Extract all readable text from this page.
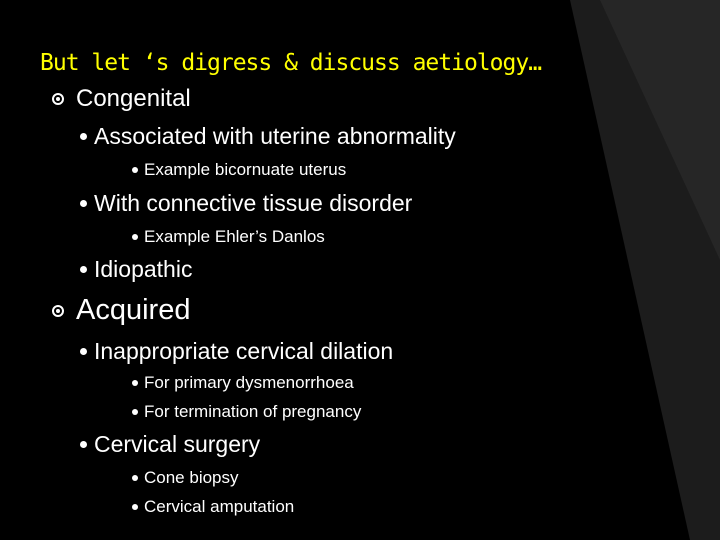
But let ‘s digress & discuss aetiology…
Congenital
Associated with uterine abnormality
Example bicornuate uterus
With connective tissue disorder
Example Ehler’s Danlos
Idiopathic
Acquired
Inappropriate cervical dilation
For primary dysmenorrhoea
For termination of pregnancy
Cervical surgery
Cone biopsy
Cervical amputation
